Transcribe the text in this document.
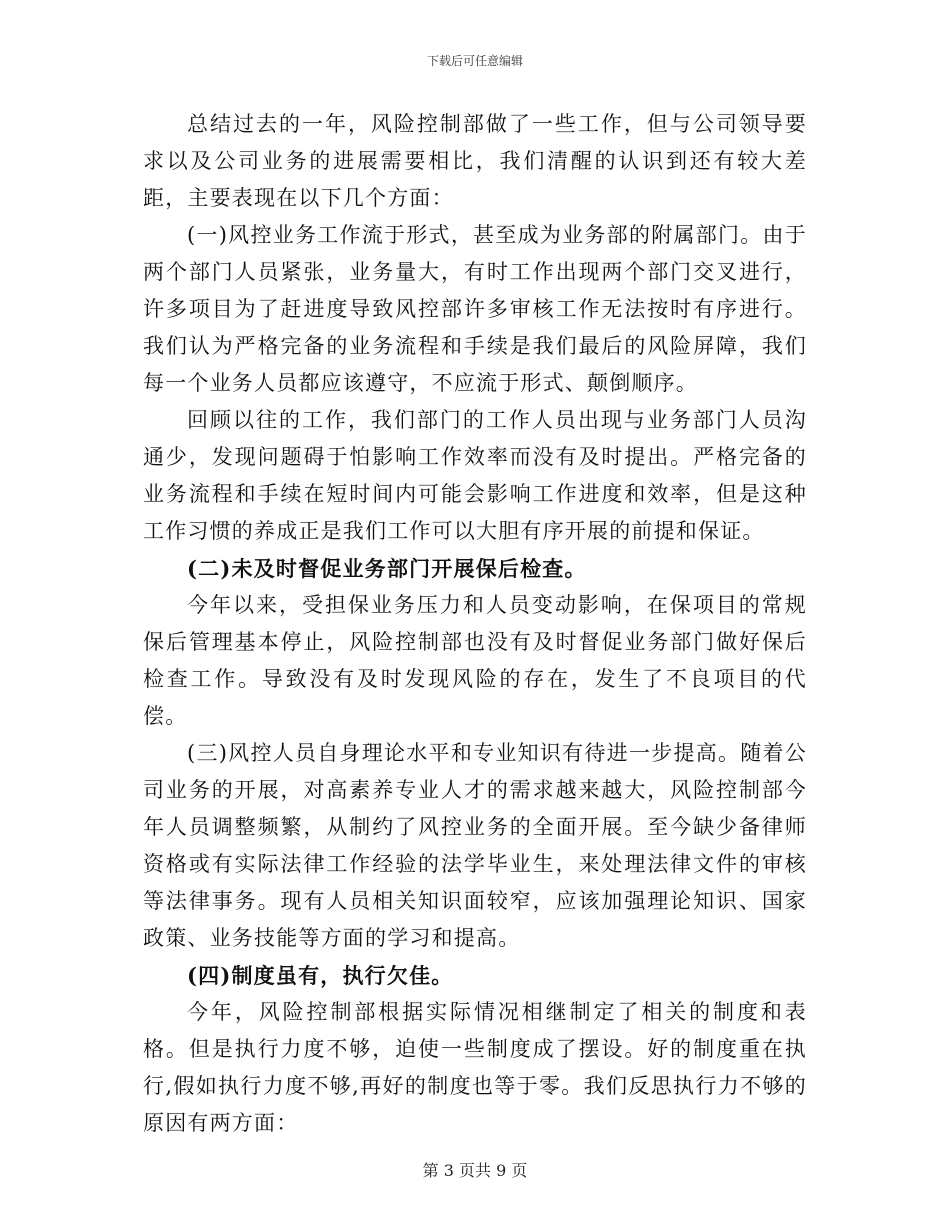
下载后可任意编辑

总结过去的一年，风险控制部做了一些工作，但与公司领导要求以及公司业务的进展需要相比，我们清醒的认识到还有较大差距，主要表现在以下几个方面：

(一)风控业务工作流于形式，甚至成为业务部的附属部门。由于两个部门人员紧张，业务量大，有时工作出现两个部门交叉进行，许多项目为了赶进度导致风控部许多审核工作无法按时有序进行。我们认为严格完备的业务流程和手续是我们最后的风险屏障，我们每一个业务人员都应该遵守，不应流于形式、颠倒顺序。

回顾以往的工作，我们部门的工作人员出现与业务部门人员沟通少，发现问题碍于怕影响工作效率而没有及时提出。严格完备的业务流程和手续在短时间内可能会影响工作进度和效率，但是这种工作习惯的养成正是我们工作可以大胆有序开展的前提和保证。

(二)未及时督促业务部门开展保后检查。

今年以来，受担保业务压力和人员变动影响，在保项目的常规保后管理基本停止，风险控制部也没有及时督促业务部门做好保后检查工作。导致没有及时发现风险的存在，发生了不良项目的代偿。

(三)风控人员自身理论水平和专业知识有待进一步提高。随着公司业务的开展，对高素养专业人才的需求越来越大，风险控制部今年人员调整频繁，从制约了风控业务的全面开展。至今缺少备律师资格或有实际法律工作经验的法学毕业生，来处理法律文件的审核等法律事务。现有人员相关知识面较窄，应该加强理论知识、国家政策、业务技能等方面的学习和提高。

(四)制度虽有，执行欠佳。

今年，风险控制部根据实际情况相继制定了相关的制度和表格。但是执行力度不够，迫使一些制度成了摆设。好的制度重在执行,假如执行力度不够,再好的制度也等于零。我们反思执行力不够的原因有两方面：

第 3 页共 9 页
